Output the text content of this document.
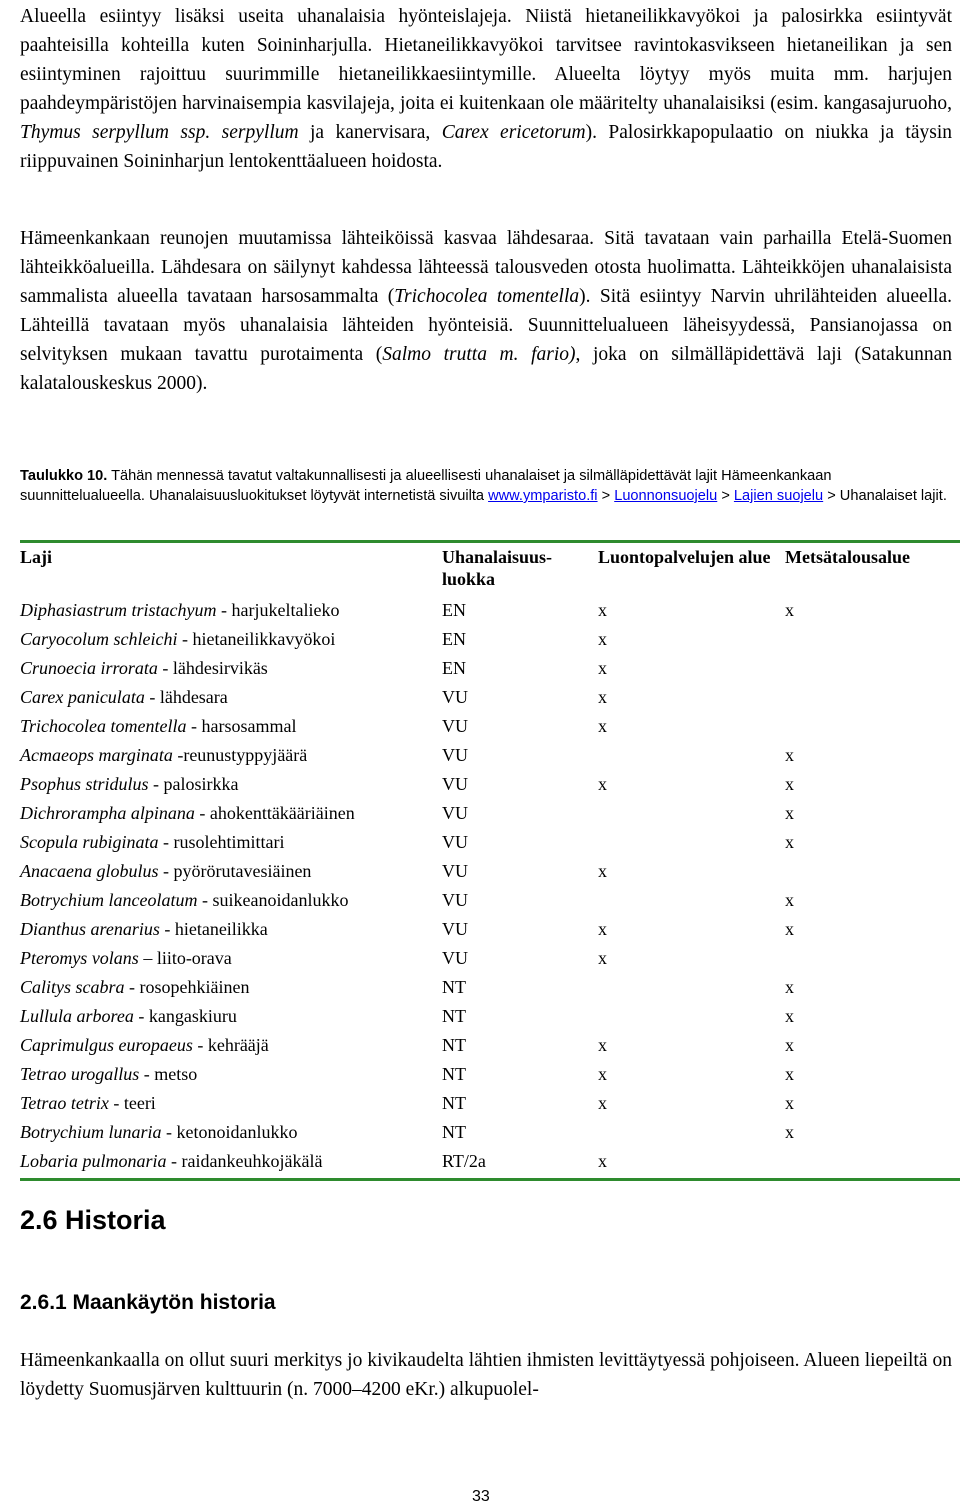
Alueella esiintyy lisäksi useita uhanalaisia hyönteislajeja. Niistä hietaneilikkavyökoi ja palosirkka esiintyvät paahteisilla kohteilla kuten Soininharjulla. Hietaneilikkavyökoi tarvitsee ravintokasvikseen hietaneilikan ja sen esiintyminen rajoittuu suurimmille hietaneilikkaesiintymille. Alueelta löytyy myös muita mm. harjujen paahdeympäristöjen harvinaisempia kasvilajeja, joita ei kuitenkaan ole määritelty uhanalaisiksi (esim. kangasajuruoho, Thymus serpyllum ssp. serpyllum ja kanervisara, Carex ericetorum). Palosirkkapopulaatio on niukka ja täysin riippuvainen Soininharjun lentokenttäalueen hoidosta.

Hämeenkankaan reunojen muutamissa lähteiköissä kasvaa lähdesaraa. Sitä tavataan vain parhailla Etelä-Suomen lähteikköalueilla. Lähdesara on säilynyt kahdessa lähteessä talousveden otosta huolimatta. Lähteikköjen uhanalaisista sammalista alueella tavataan harsosammalta (Trichocolea tomentella). Sitä esiintyy Narvin uhrilähteiden alueella. Lähteillä tavataan myös uhanalaisia lähteiden hyönteisiä. Suunnittelualueen läheisyydessä, Pansianojassa on selvityksen mukaan tavattu purotaimenta (Salmo trutta m. fario), joka on silmälläpidettävä laji (Satakunnan kalatalouskeskus 2000).

Taulukko 10. Tähän mennessä tavatut valtakunnallisesti ja alueellisesti uhanalaiset ja silmälläpidettävät lajit Hämeenkankaan suunnittelualueella. Uhanalaisuusluokitukset löytyvät internetistä sivuilta www.ymparisto.fi > Luonnonsuojelu > Lajien suojelu > Uhanalaiset lajit.

Laji	Uhanalaisuus-luokka	Luontopalvelujen alue	Metsätalousalue
Diphasiastrum tristachyum - harjukeltalieko	EN	x	x
Caryocolum schleichi - hietaneilikkavyökoi	EN	x	
Crunoecia irrorata - lähdesirvikäs	EN	x	
Carex paniculata - lähdesara	VU	x	
Trichocolea tomentella - harsosammal	VU	x	
Acmaeops marginata -reunustyppyjäärä	VU		x
Psophus stridulus - palosirkka	VU	x	x
Dichrorampha alpinana - ahokenttäkääriäinen	VU		x
Scopula rubiginata - rusolehtimittari	VU		x
Anacaena globulus - pyörörutavesiäinen	VU	x	
Botrychium lanceolatum - suikeanoidanlukko	VU		x
Dianthus arenarius - hietaneilikka	VU	x	x
Pteromys volans – liito-orava	VU	x	
Calitys scabra - rosopehkiäinen	NT		x
Lullula arborea - kangaskiuru	NT		x
Caprimulgus europaeus - kehrääjä	NT	x	x
Tetrao urogallus - metso	NT	x	x
Tetrao tetrix - teeri	NT	x	x
Botrychium lunaria - ketonoidanlukko	NT		x
Lobaria pulmonaria - raidankeuhkojäkälä	RT/2a	x	
2.6 Historia
2.6.1 Maankäytön historia

Hämeenkankaalla on ollut suuri merkitys jo kivikaudelta lähtien ihmisten levittäytyessä pohjoiseen. Alueen liepeiltä on löydetty Suomusjärven kulttuurin (n. 7000–4200 eKr.) alkupuolel-

33
